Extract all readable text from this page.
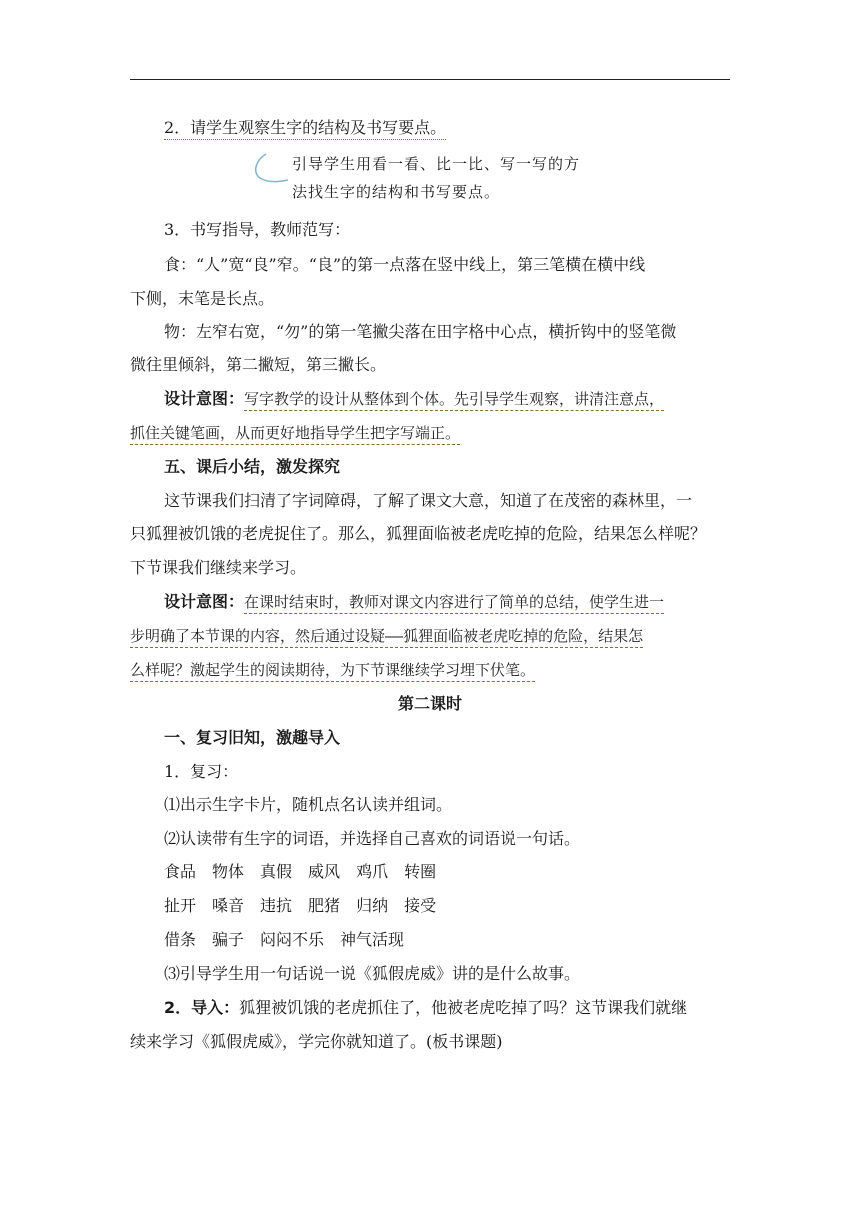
2．请学生观察生字的结构及书写要点。
引导学生用看一看、比一比、写一写的方
法找生字的结构和书写要点。
3．书写指导，教师范写：
食：“人”宽“良”窄。“良”的第一点落在竖中线上，第三笔横在横中线
下侧，末笔是长点。
物：左窄右宽，“勿”的第一笔撇尖落在田字格中心点，横折钩中的竖笔微
微往里倾斜，第二撇短，第三撇长。
设计意图：写字教学的设计从整体到个体。先引导学生观察，讲清注意点，
抓住关键笔画，从而更好地指导学生把字写端正。
五、课后小结，激发探究
这节课我们扫清了字词障碍，了解了课文大意，知道了在茂密的森林里，一
只狐狸被饥饿的老虎捉住了。那么，狐狸面临被老虎吃掉的危险，结果怎么样呢？
下节课我们继续来学习。
设计意图：在课时结束时，教师对课文内容进行了简单的总结，使学生进一
步明确了本节课的内容，然后通过设疑——狐狸面临被老虎吃掉的危险，结果怎
么样呢？激起学生的阅读期待，为下节课继续学习埋下伏笔。
第二课时
一、复习旧知，激趣导入
1．复习：
⑴出示生字卡片，随机点名认读并组词。
⑵认读带有生字的词语，并选择自己喜欢的词语说一句话。
食品 物体 真假 威风 鸡爪 转圈
扯开 嗓音 违抗 肥猪 归纳 接受
借条 骗子 闷闷不乐 神气活现
⑶引导学生用一句话说一说《狐假虎威》讲的是什么故事。
2．导入：狐狸被饥饿的老虎抓住了，他被老虎吃掉了吗？这节课我们就继
续来学习《狐假虎威》，学完你就知道了。(板书课题)
